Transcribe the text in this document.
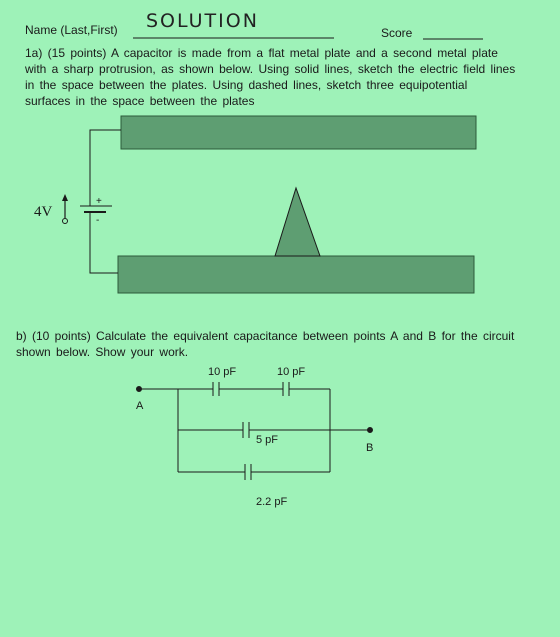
Name (Last,First) SOLUTION
Score
1a) (15 points) A capacitor is made from a flat metal plate and a second metal plate with a sharp protrusion, as shown below. Using solid lines, sketch the electric field lines in the space between the plates. Using dashed lines, sketch three equipotential surfaces in the space between the plates
4V
+
-
b) (10 points) Calculate the equivalent capacitance between points A and B for the circuit shown below. Show your work.
10 pF	10 pF
A
5 pF
B
2.2 pF
